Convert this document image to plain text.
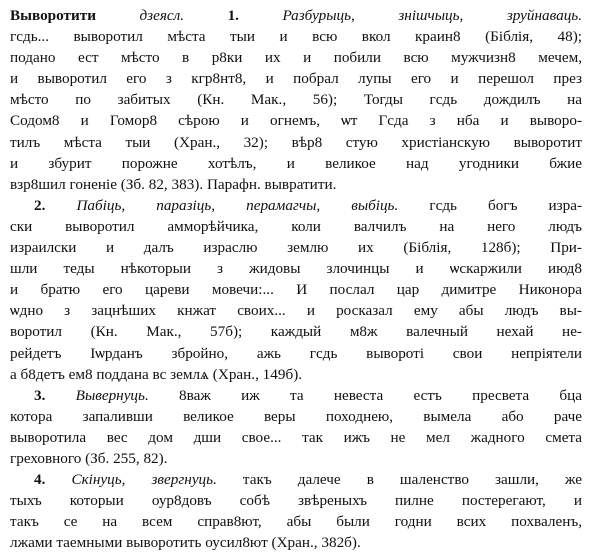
Выворотити	дзеясл.	1.	Разбурыць, знішчыць, зруйнаваць.
гсдь... выворотил мѣста тыи и всю вкол краин8 (Біблія, 48);
подано ест мѣсто в р8ки их и побили всю мужчизн8 мечем,
и выворотил его з кгр8нт8, и побрал лупы его и перешол през
мѣсто по забитых (Кн. Мак., 56); Тогды гсдь дождилъ на
Содом8 и Гомор8 сѣрою и огнемъ, ѡт Гсда з нба и выворо-
тилъ мѣста тыи (Хран., 32); вѣр8 стую христіанскую выворотит
и збурит порожне хотѣлъ, и великое над угодники бжие
взр8шил гоненіе (Зб. 82, 383). Парафн. вывратити.

2. Пабіць, паразіць, перамагчы, выбіць. гсдь богъ изра-
ски выворотил амморѣйчика, коли валчилъ на него людъ
израилски и далъ израслю землю их (Біблія, 128б); При-
шли теды нѣкоторыи з жидовы злочинцы и ѡскаржили июд8
и братю его цареви мовечи:... И послал цар димитре Никонора
ѡдно з зацнѣших кнжат своих... и росказал ему абы людъ вы-
воротил (Кн. Мак., 57б); каждый м8ж валечный нехай не-
рейдетъ Іѡрданъ збройно, ажь гсдь выворотi свои непріятели
а б8детъ ем8 поддана вс землѧ (Хран., 149б).

3. Вывернуць. 8важ иж та невеста естъ пресвета бца
котора запаливши великое веры походнею, вымела або раче
выворотила вес дом дши свое... так ижъ не мел жадного смета
греховного (Зб. 255, 82).

4. Скінуць, звергнуць. такъ далече в шаленство зашли, же
тыхъ которыи оур8довъ собѣ звѣреныхъ пилне постерегают, и
такъ се на всем справ8ют, абы были годни всих похваленъ,
лжами таемными выворотить оусил8ют (Хран., 382б).
